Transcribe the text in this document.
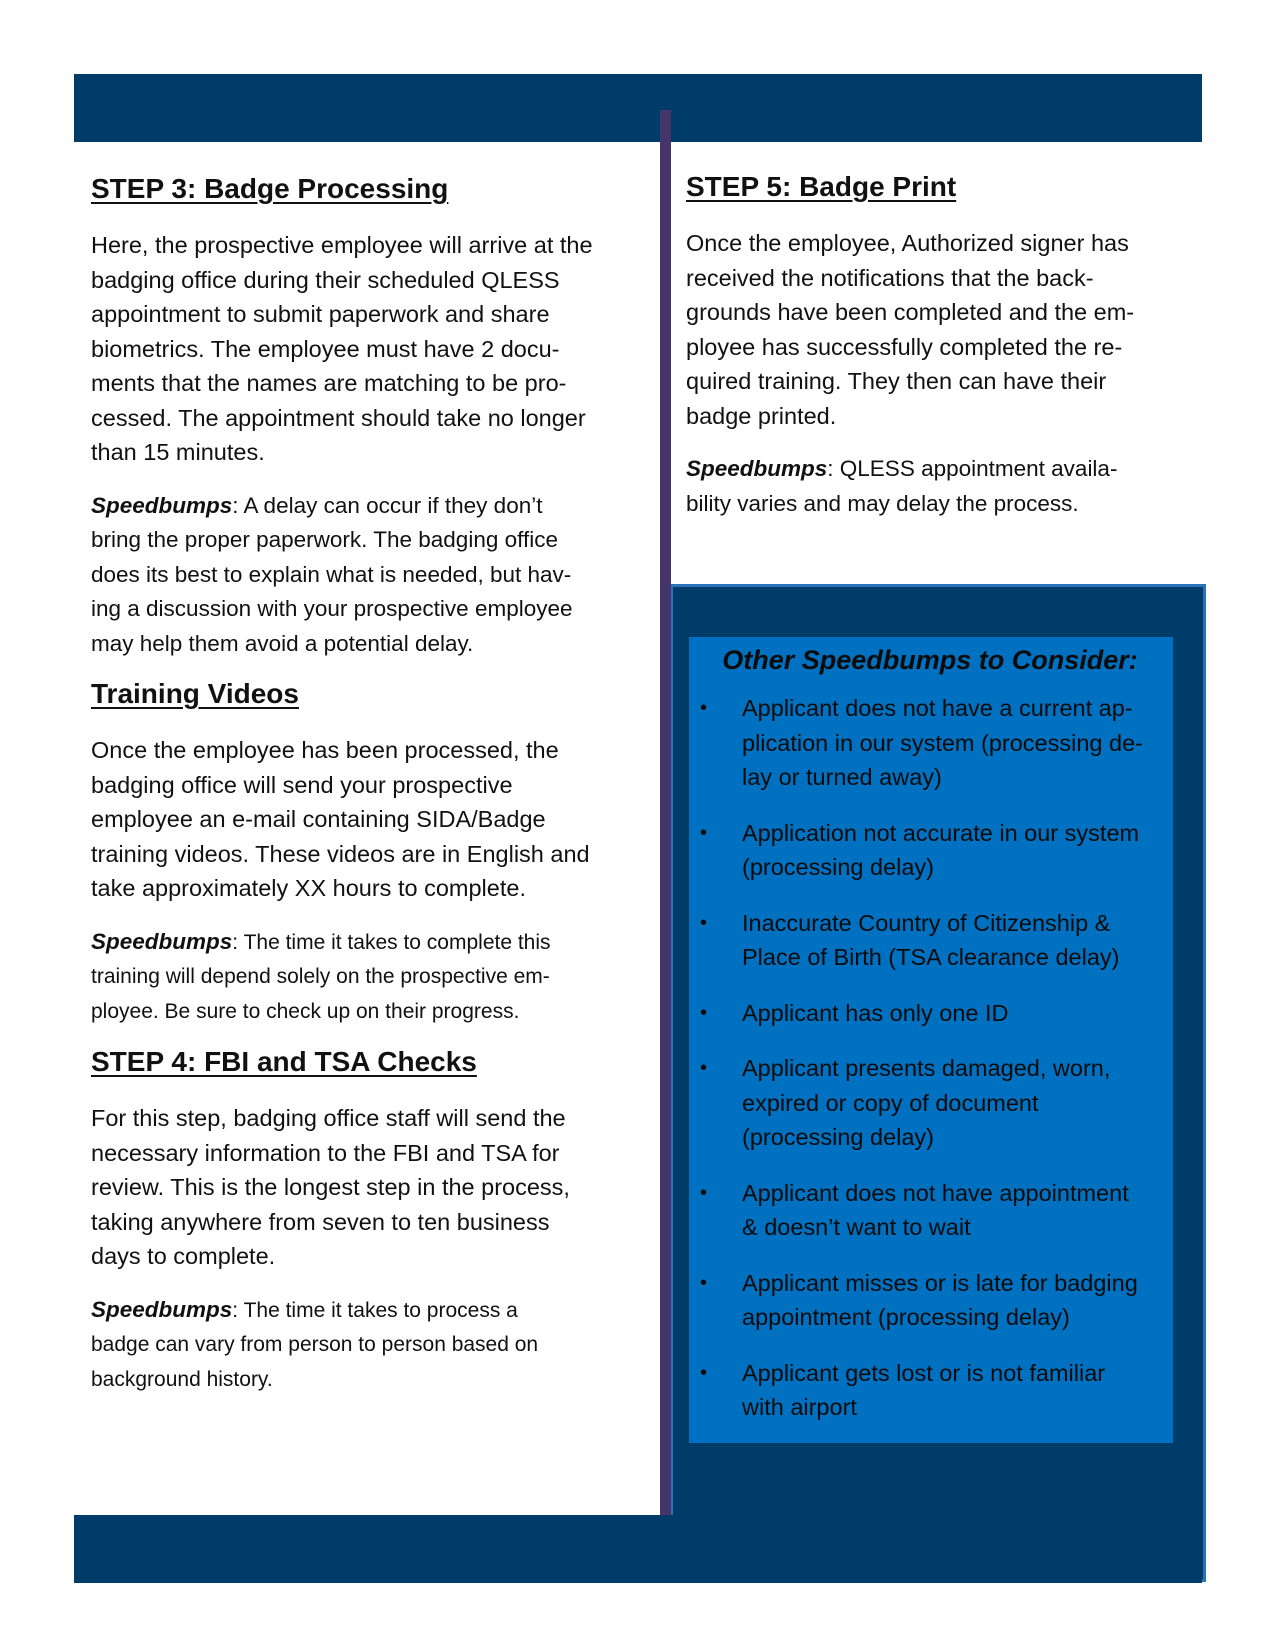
STEP 3: Badge Processing

Here, the prospective employee will arrive at the
badging office during their scheduled QLESS
appointment to submit paperwork and share
biometrics. The employee must have 2 docu-
ments that the names are matching to be pro-
cessed. The appointment should take no longer
than 15 minutes.

Speedbumps: A delay can occur if they don’t
bring the proper paperwork. The badging office
does its best to explain what is needed, but hav-
ing a discussion with your prospective employee
may help them avoid a potential delay.

Training Videos

Once the employee has been processed, the
badging office will send your prospective
employee an e-mail containing SIDA/Badge
training videos. These videos are in English and
take approximately XX hours to complete.

Speedbumps: The time it takes to complete this
training will depend solely on the prospective em-
ployee. Be sure to check up on their progress.

STEP 4: FBI and TSA Checks

For this step, badging office staff will send the
necessary information to the FBI and TSA for
review. This is the longest step in the process,
taking anywhere from seven to ten business
days to complete.

Speedbumps: The time it takes to process a
badge can vary from person to person based on
background history.

STEP 5: Badge Print

Once the employee, Authorized signer has
received the notifications that the back-
grounds have been completed and the em-
ployee has successfully completed the re-
quired training. They then can have their
badge printed.

Speedbumps: QLESS appointment availa-
bility varies and may delay the process.

Other Speedbumps to Consider:
•	Applicant does not have a current ap-
plication in our system (processing de-
lay or turned away)
•	Application not accurate in our system
(processing delay)
•	Inaccurate Country of Citizenship &
Place of Birth (TSA clearance delay)
•	Applicant has only one ID
•	Applicant presents damaged, worn,
expired or copy of document
(processing delay)
•	Applicant does not have appointment
& doesn’t want to wait
•	Applicant misses or is late for badging
appointment (processing delay)
•	Applicant gets lost or is not familiar
with airport
